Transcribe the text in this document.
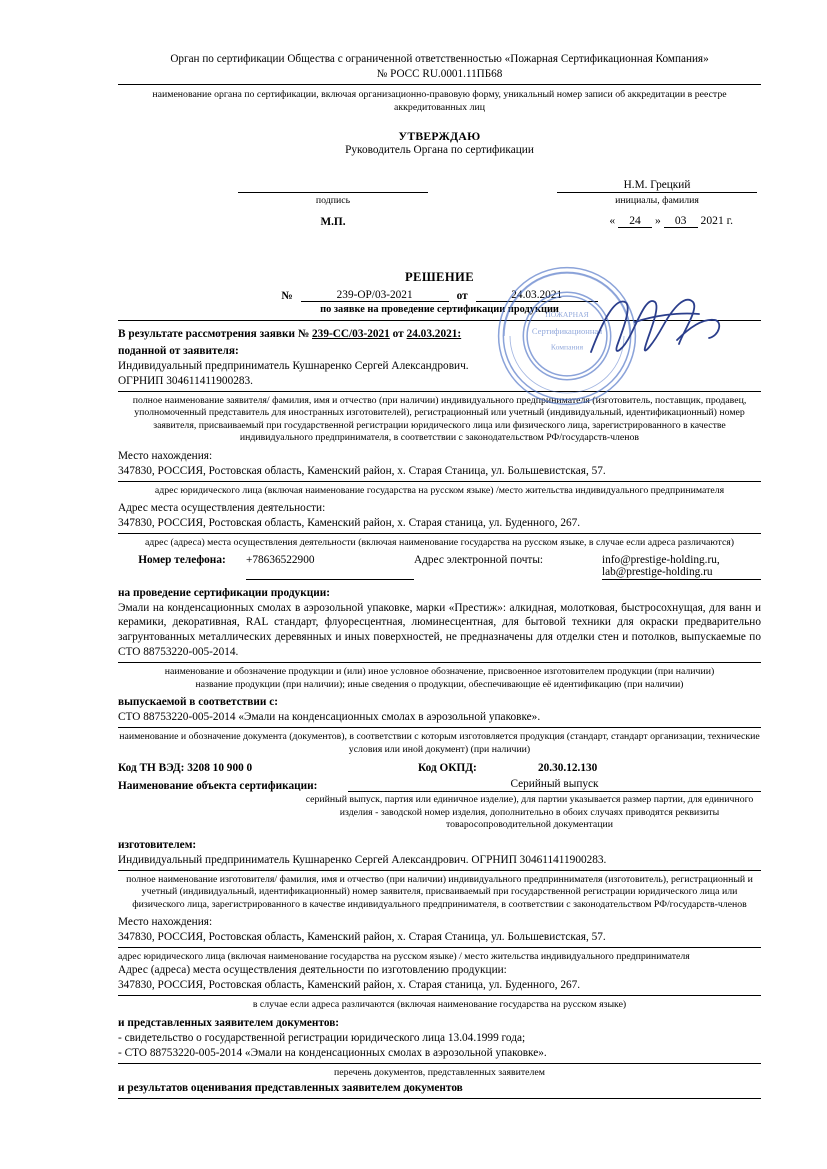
Орган по сертификации Общества с ограниченной ответственностью «Пожарная Сертификационная Компания»
№ РОСС RU.0001.11ПБ68
наименование органа по сертификации, включая организационно-правовую форму, уникальный номер записи об аккредитации в реестре аккредитованных лиц
УТВЕРЖДАЮ
Руководитель Органа по сертификации
Н.М. Грецкий
подпись	инициалы, фамилия
М.П.	« 24 » 03 2021 г.
ПОЖАРНАЯ
Сертификационная
Компания
РЕШЕНИЕ
№	239-ОР/03-2021	от	24.03.2021
по заявке на проведение сертификации продукции

В результате рассмотрения заявки № 239-СС/03-2021 от 24.03.2021:

поданной от заявителя:

Индивидуальный предприниматель Кушнаренко Сергей Александрович.

ОГРНИП 304611411900283.

полное наименование заявителя/ фамилия, имя и отчество (при наличии) индивидуального предпринимателя (изготовитель, поставщик, продавец, уполномоченный представитель для иностранных изготовителей), регистрационный или учетный (индивидуальный, идентификационный) номер заявителя, присваиваемый при государственной регистрации юридического лица или физического лица, зарегистрированного в качестве индивидуального предпринимателя, в соответствии с законодательством РФ/государств-членов

Место нахождения:

347830, РОССИЯ, Ростовская область, Каменский район, х. Старая Станица, ул. Большевистская, 57.

адрес юридического лица (включая наименование государства на русском языке) /место жительства индивидуального предпринимателя

Адрес места осуществления деятельности:

347830, РОССИЯ, Ростовская область, Каменский район, х. Старая станица, ул. Буденного, 267.

адрес (адреса) места осуществления деятельности (включая наименование государства на русском языке, в случае если адреса различаются)

Номер телефона:	+78636522900	Адрес электронной почты:	info@prestige-holding.ru,
lab@prestige-holding.ru

на проведение сертификации продукции:

Эмали на конденсационных смолах в аэрозольной упаковке, марки «Престиж»: алкидная, молотковая, быстросохнущая, для ванн и керамики, декоративная, RAL стандарт, флуоресцентная, люминесцентная, для бытовой техники для окраски предварительно загрунтованных металлических деревянных и иных поверхностей, не предназначены для отделки стен и потолков, выпускаемые по СТО 88753220-005-2014.

наименование и обозначение продукции и (или) иное условное обозначение, присвоенное изготовителем продукции (при наличии)

название продукции (при наличии); иные сведения о продукции, обеспечивающие её идентификацию (при наличии)

выпускаемой в соответствии с:

СТО 88753220-005-2014 «Эмали на конденсационных смолах в аэрозольной упаковке».

наименование и обозначение документа (документов), в соответствии с которым изготовляется продукция (стандарт, стандарт организации, технические условия или иной документ) (при наличии)

Код ТН ВЭД: 3208 10 900 0	Код ОКПД:	20.30.12.130
Наименование объекта сертификации:	Серийный выпуск

серийный выпуск, партия или единичное изделие), для партии указывается размер партии, для единичного изделия - заводской номер изделия, дополнительно в обоих случаях приводятся реквизиты товаросопроводительной документации

изготовителем:

Индивидуальный предприниматель Кушнаренко Сергей Александрович. ОГРНИП 304611411900283.

полное наименование изготовителя/ фамилия, имя и отчество (при наличии) индивидуального предприннимателя (изготовитель), регистрационный и учетный (индивидуальный, идентификационный) номер заявителя, присваиваемый при государственной регистрации юридического лица или физического лица, зарегистрированного в качестве индивидуального предпринимателя, в соответствии с законодательством РФ/государств-членов

Место нахождения:

347830, РОССИЯ, Ростовская область, Каменский район, х. Старая Станица, ул. Большевистская, 57.

адрес юридического лица (включая наименование государства на русском языке) / место жительства индивидуального предпринимателя

Адрес (адреса) места осуществления деятельности по изготовлению продукции:

347830, РОССИЯ, Ростовская область, Каменский район, х. Старая станица, ул. Буденного, 267.

в случае если адреса различаются (включая наименование государства на русском языке)

и представленных заявителем документов:

- свидетельство о государственной регистрации юридического лица 13.04.1999 года;

- СТО 88753220-005-2014 «Эмали на конденсационных смолах в аэрозольной упаковке».

перечень документов, представленных заявителем

и результатов оценивания представленных заявителем документов
